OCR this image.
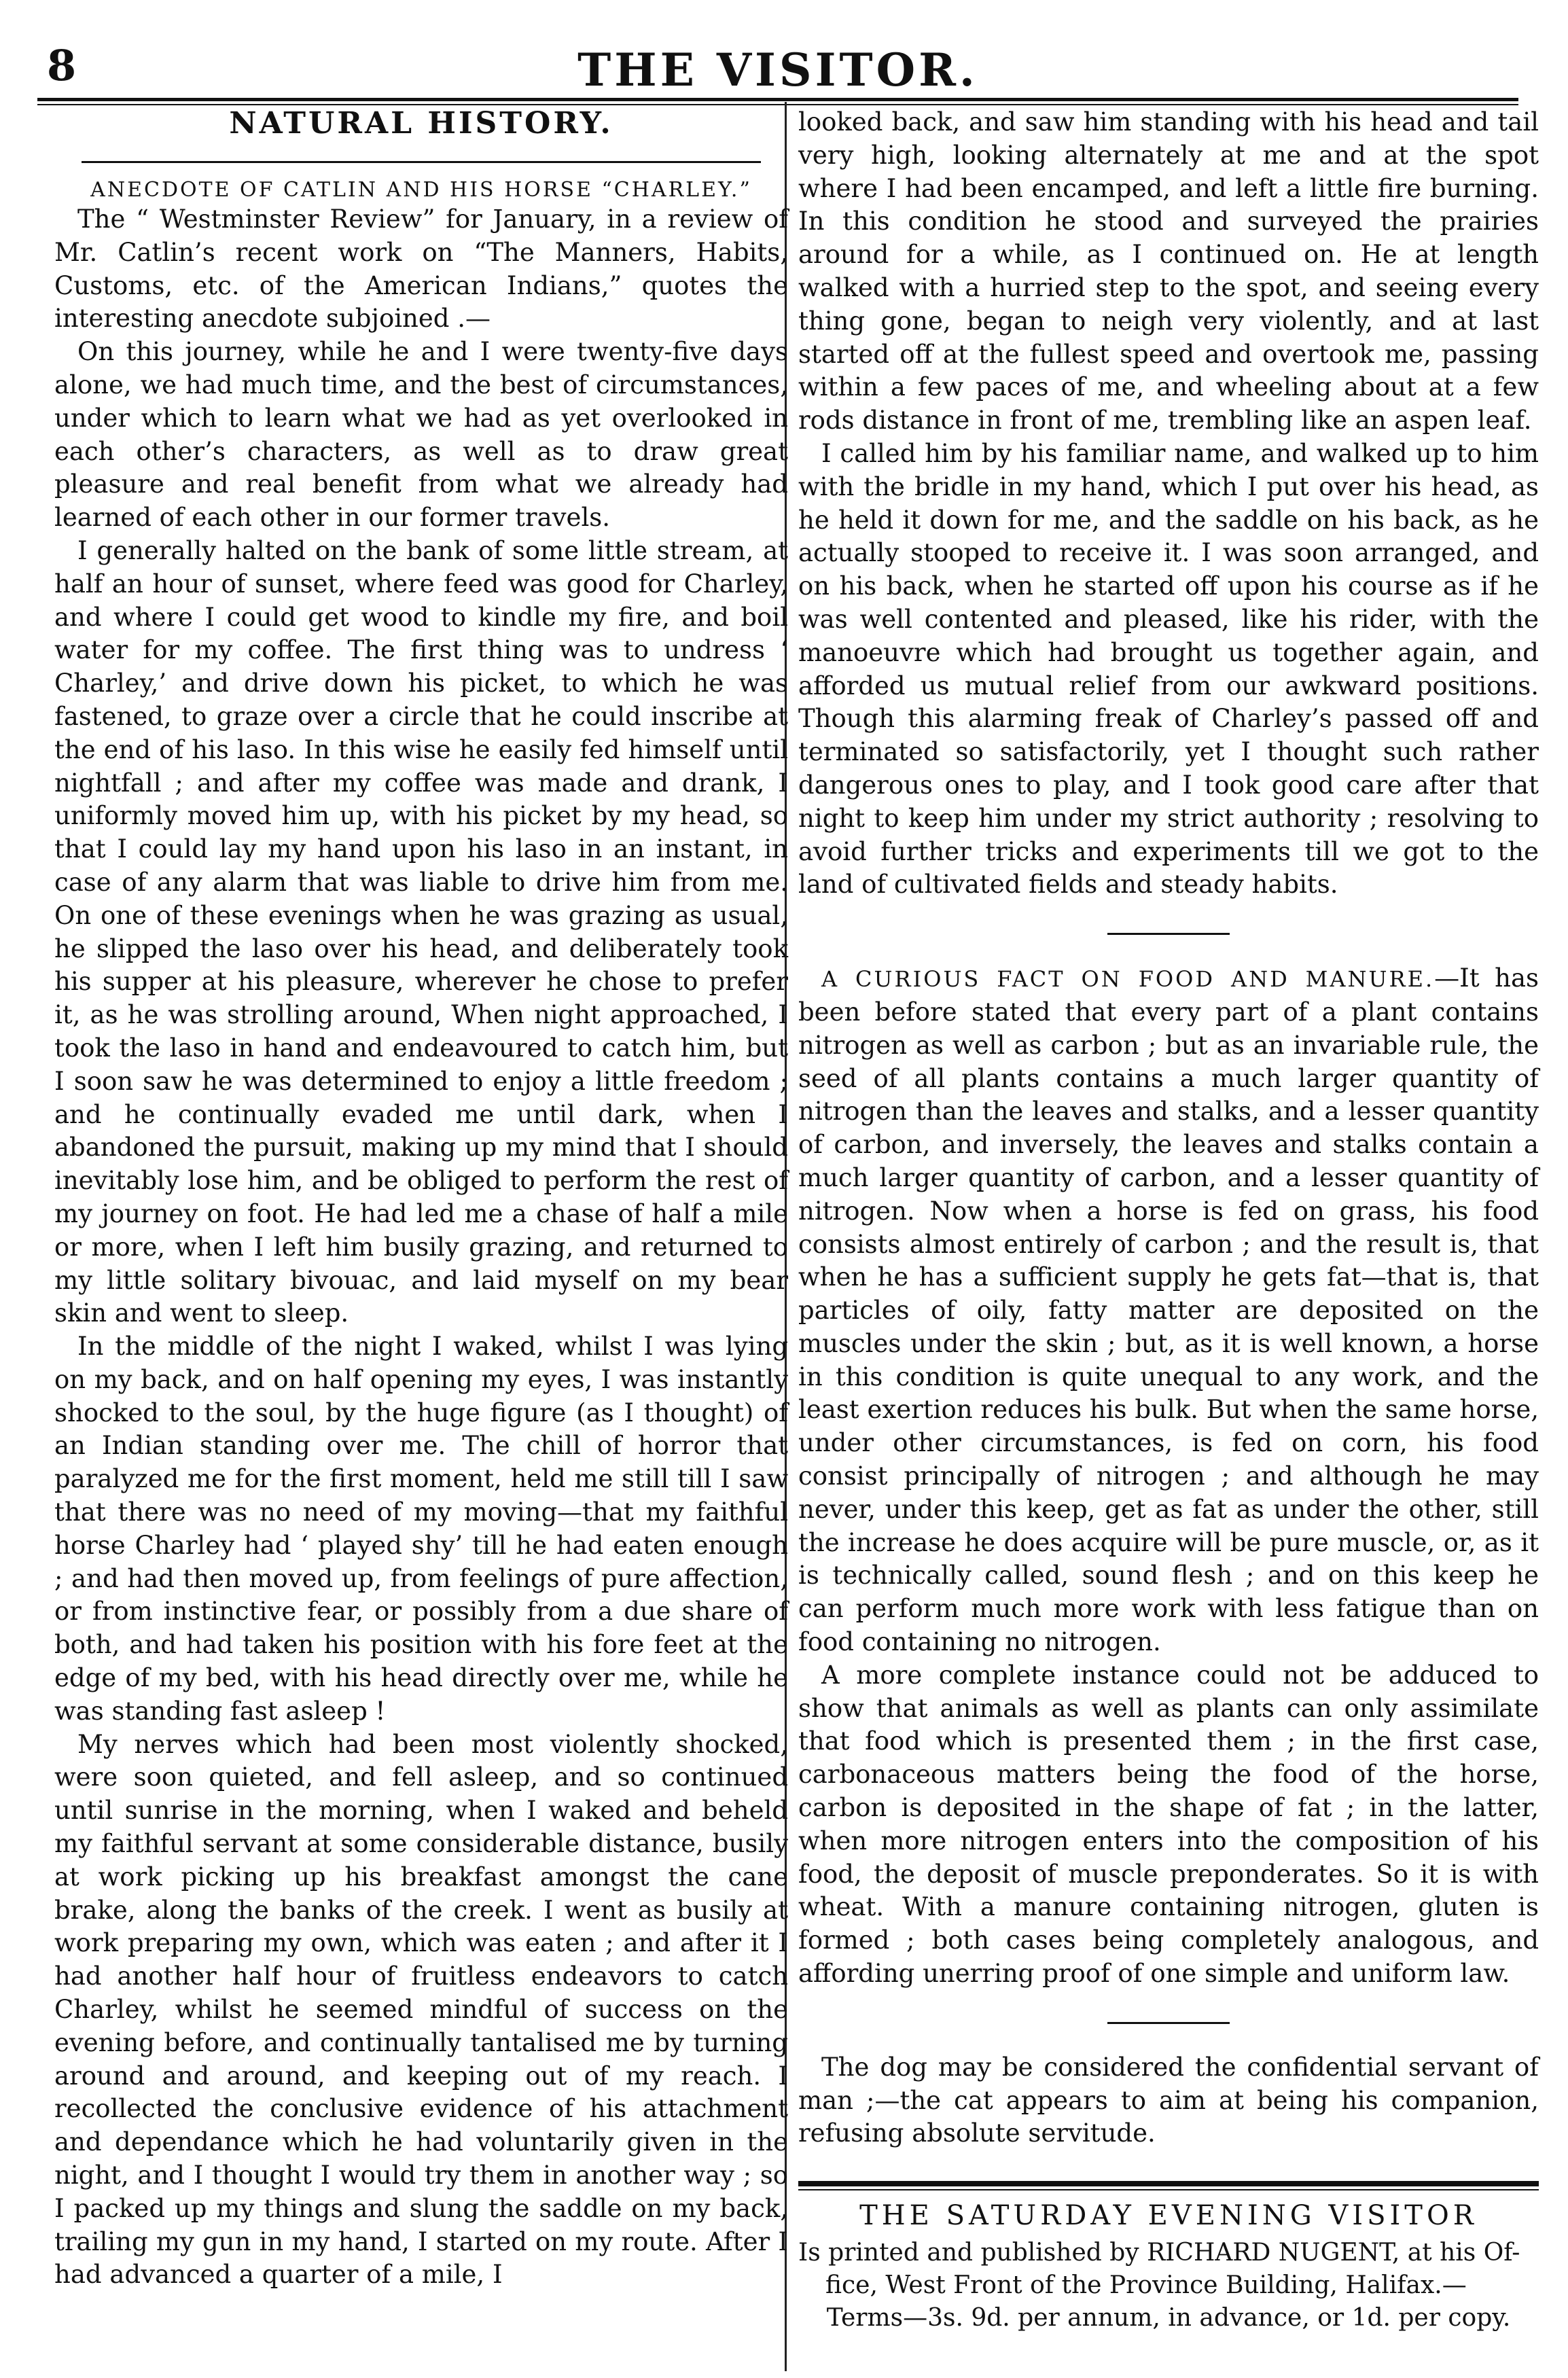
8	THE VISITOR.
NATURAL HISTORY.
ANECDOTE OF CATLIN AND HIS HORSE “CHARLEY.”

The “ Westminster Review” for January, in a review of Mr. Catlin’s recent work on “The Manners, Habits, Customs, etc. of the American Indians,” quotes the interesting anecdote subjoined .—

On this journey, while he and I were twenty-five days alone, we had much time, and the best of circumstances, under which to learn what we had as yet overlooked in each other’s characters, as well as to draw great pleasure and real benefit from what we already had learned of each other in our former travels.

I generally halted on the bank of some little stream, at half an hour of sunset, where feed was good for Charley, and where I could get wood to kindle my fire, and boil water for my coffee. The first thing was to undress ‘ Charley,’ and drive down his picket, to which he was fastened, to graze over a circle that he could inscribe at the end of his laso. In this wise he easily fed himself until nightfall ; and after my coffee was made and drank, I uniformly moved him up, with his picket by my head, so that I could lay my hand upon his laso in an instant, in case of any alarm that was liable to drive him from me. On one of these evenings when he was grazing as usual, he slipped the laso over his head, and deliberately took his supper at his pleasure, wherever he chose to prefer it, as he was strolling around, When night approached, I took the laso in hand and endeavoured to catch him, but I soon saw he was determined to enjoy a little freedom ; and he continually evaded me until dark, when I abandoned the pursuit, making up my mind that I should inevitably lose him, and be obliged to perform the rest of my journey on foot. He had led me a chase of half a mile or more, when I left him busily grazing, and returned to my little solitary bivouac, and laid myself on my bear skin and went to sleep.

In the middle of the night I waked, whilst I was lying on my back, and on half opening my eyes, I was instantly shocked to the soul, by the huge figure (as I thought) of an Indian standing over me. The chill of horror that paralyzed me for the first moment, held me still till I saw that there was no need of my moving—that my faithful horse Charley had ‘ played shy’ till he had eaten enough ; and had then moved up, from feelings of pure affection, or from instinctive fear, or possibly from a due share of both, and had taken his position with his fore feet at the edge of my bed, with his head directly over me, while he was standing fast asleep !

My nerves which had been most violently shocked, were soon quieted, and fell asleep, and so continued until sunrise in the morning, when I waked and beheld my faithful servant at some considerable distance, busily at work picking up his breakfast amongst the cane brake, along the banks of the creek. I went as busily at work preparing my own, which was eaten ; and after it I had another half hour of fruitless endeavors to catch Charley, whilst he seemed mindful of success on the evening before, and continually tantalised me by turning around and around, and keeping out of my reach. I recollected the conclusive evidence of his attachment and dependance which he had voluntarily given in the night, and I thought I would try them in another way ; so I packed up my things and slung the saddle on my back, trailing my gun in my hand, I started on my route. After I had advanced a quarter of a mile, I

looked back, and saw him standing with his head and tail very high, looking alternately at me and at the spot where I had been encamped, and left a little fire burning. In this condition he stood and surveyed the prairies around for a while, as I continued on. He at length walked with a hurried step to the spot, and seeing every thing gone, began to neigh very violently, and at last started off at the fullest speed and overtook me, passing within a few paces of me, and wheeling about at a few rods distance in front of me, trembling like an aspen leaf.

I called him by his familiar name, and walked up to him with the bridle in my hand, which I put over his head, as he held it down for me, and the saddle on his back, as he actually stooped to receive it. I was soon arranged, and on his back, when he started off upon his course as if he was well contented and pleased, like his rider, with the manoeuvre which had brought us together again, and afforded us mutual relief from our awkward positions. Though this alarming freak of Charley’s passed off and terminated so satisfactorily, yet I thought such rather dangerous ones to play, and I took good care after that night to keep him under my strict authority ; resolving to avoid further tricks and experiments till we got to the land of cultivated fields and steady habits.

A CURIOUS FACT ON FOOD AND MANURE.—It has been before stated that every part of a plant contains nitrogen as well as carbon ; but as an invariable rule, the seed of all plants contains a much larger quantity of nitrogen than the leaves and stalks, and a lesser quantity of carbon, and inversely, the leaves and stalks contain a much larger quantity of carbon, and a lesser quantity of nitrogen. Now when a horse is fed on grass, his food consists almost entirely of carbon ; and the result is, that when he has a sufficient supply he gets fat—that is, that particles of oily, fatty matter are deposited on the muscles under the skin ; but, as it is well known, a horse in this condition is quite unequal to any work, and the least exertion reduces his bulk. But when the same horse, under other circumstances, is fed on corn, his food consist principally of nitrogen ; and although he may never, under this keep, get as fat as under the other, still the increase he does acquire will be pure muscle, or, as it is technically called, sound flesh ; and on this keep he can perform much more work with less fatigue than on food containing no nitrogen.

A more complete instance could not be adduced to show that animals as well as plants can only assimilate that food which is presented them ; in the first case, carbonaceous matters being the food of the horse, carbon is deposited in the shape of fat ; in the latter, when more nitrogen enters into the composition of his food, the deposit of muscle preponderates. So it is with wheat. With a manure containing nitrogen, gluten is formed ; both cases being completely analogous, and affording unerring proof of one simple and uniform law.

The dog may be considered the confidential servant of man ;—the cat appears to aim at being his companion, refusing absolute servitude.

THE SATURDAY EVENING VISITOR

Is printed and published by RICHARD NUGENT, at his Of-

fice, West Front of the Province Building, Halifax.—

Terms—3s. 9d. per annum, in advance, or 1d. per copy.
